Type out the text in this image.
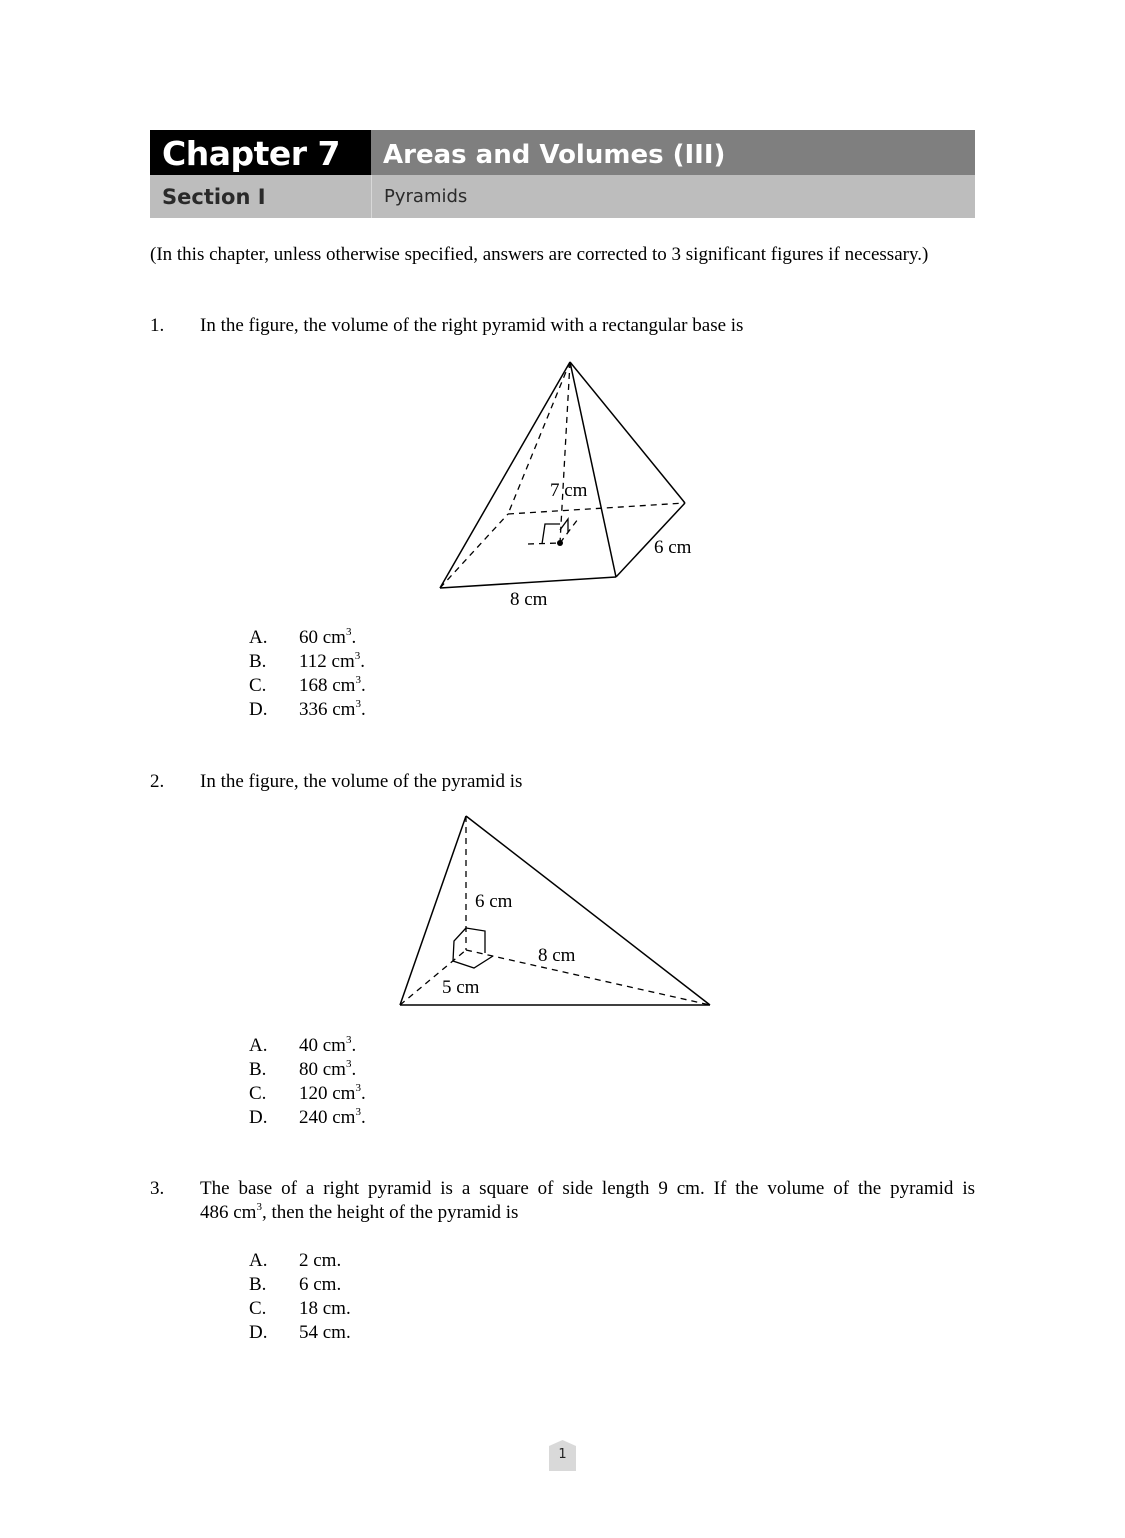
Chapter 7	Areas and Volumes (III)
Section I	Pyramids
(In this chapter, unless otherwise specified, answers are corrected to 3 significant figures if necessary.)
1. In the figure, the volume of the right pyramid with a rectangular base is
7 cm
6 cm
8 cm
A. 60 $cm^3$.
B. 112 $cm^3$.
C. 168 $cm^3$.
D. 336 $cm^3$.
2. In the figure, the volume of the pyramid is
6 cm
8 cm
5 cm
A. 40 $cm^3$.
B. 80 $cm^3$.
C. 120 $cm^3$.
D. 240 $cm^3$.
3. The base of a right pyramid is a square of side length 9 cm. If the volume of the pyramid is
486 $cm^3$, then the height of the pyramid is
A. 2 cm.
B. 6 cm.
C. 18 cm.
D. 54 cm.
1
